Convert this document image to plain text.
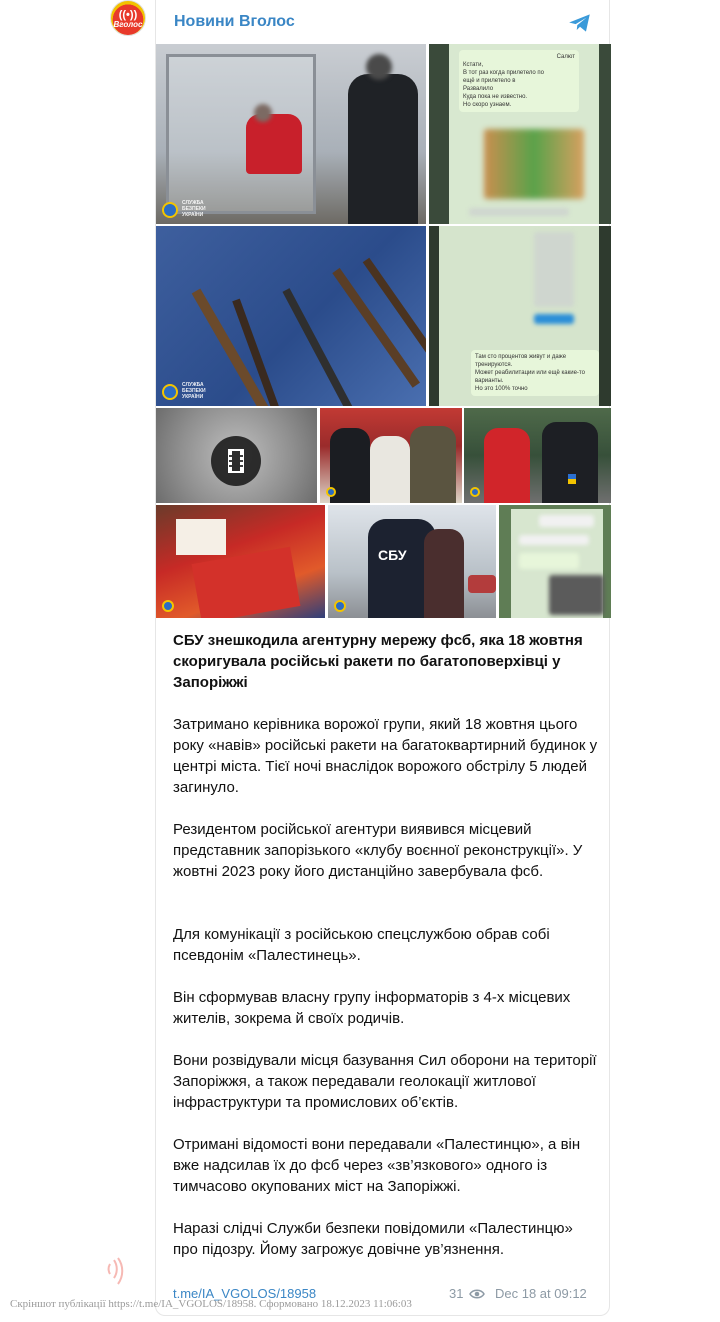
((•))
Вголос Новини Вголос
СЛУЖБА БЕЗПЕКИ УКРАЇНИ
Салют
Кстати,
В тот раз когда прилетело по
ещё и прилетело в
Развалило
Куда пока не известно.
Но скоро узнаем.
СЛУЖБА БЕЗПЕКИ УКРАЇНИ
Там сто процентов живут и даже
тренируются.
Может реабилитации или ещё какие-то
варианты.
Но это 100% точно
СБУ
СБУ знешкодила агентурну мережу фсб, яка 18 жовтня скоригувала російські ракети по багатоповерхівці у Запоріжжі
Затримано керівника ворожої групи, який 18 жовтня цього року «навів» російські ракети на багатоквартирний будинок у центрі міста. Тієї ночі внаслідок ворожого обстрілу 5 людей загинуло.
Резидентом російської агентури виявився місцевий представник запорізького «клубу воєнної реконструкції». У жовтні 2023 року його дистанційно завербувала фсб.
Для комунікації з російською спецслужбою обрав собі псевдонім «Палестинець».
Він сформував власну групу інформаторів з 4-х місцевих жителів, зокрема й своїх родичів.
Вони розвідували місця базування Сил оборони на території Запоріжжя, а також передавали геолокації житлової інфраструктури та промислових об’єктів.
Отримані відомості вони передавали «Палестинцю», а він вже надсилав їх до фсб через «зв’язкового» одного із тимчасово окупованих міст на Запоріжжі.
Наразі слідчі Служби безпеки повідомили «Палестинцю» про підозру. Йому загрожує довічне ув’язнення.
t.me/IA_VGOLOS/18958	31 Dec 18 at 09:12
Скріншот публікації https://t.me/IA_VGOLOS/18958. Сформовано 18.12.2023 11:06:03
